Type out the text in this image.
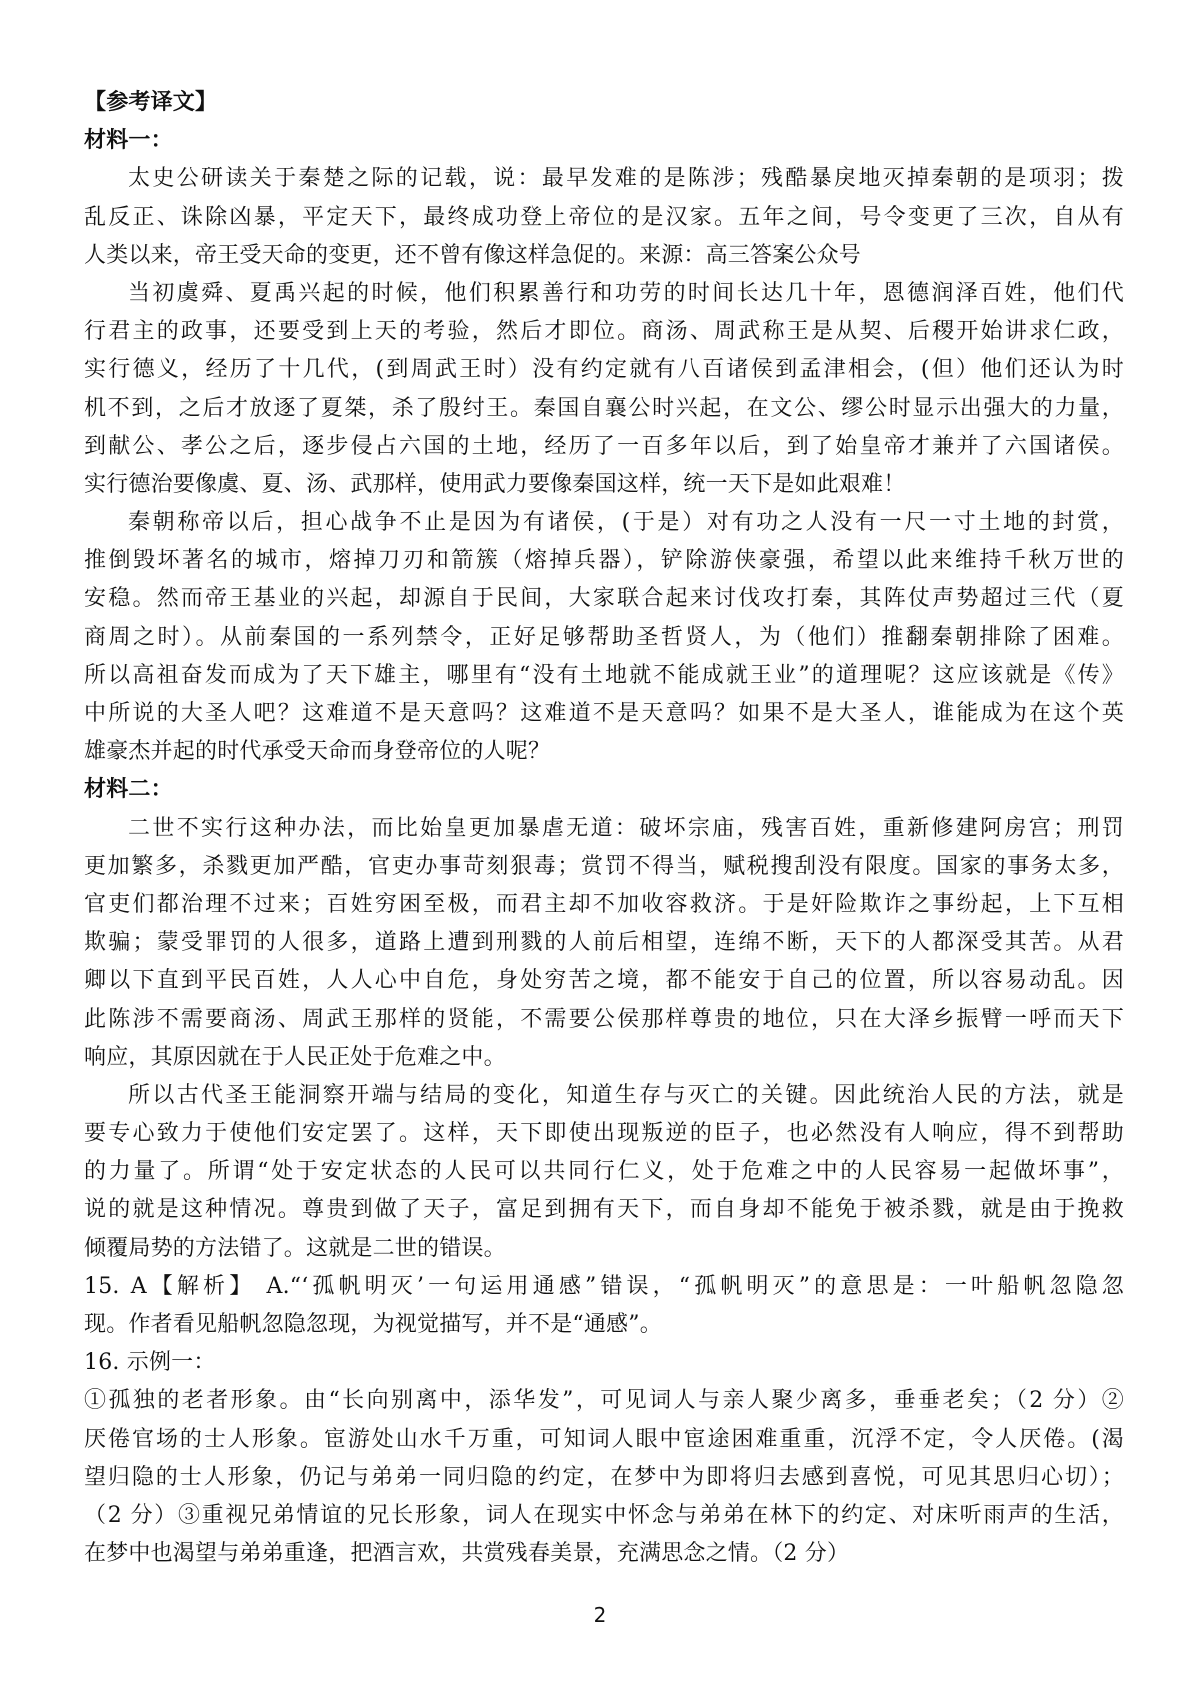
【参考译文】
材料一：
太史公研读关于秦楚之际的记载，说：最早发难的是陈涉；残酷暴戾地灭掉秦朝的是项羽；拨
乱反正、诛除凶暴，平定天下，最终成功登上帝位的是汉家。五年之间，号令变更了三次，自从有
人类以来，帝王受天命的变更，还不曾有像这样急促的。来源：高三答案公众号
当初虞舜、夏禹兴起的时候，他们积累善行和功劳的时间长达几十年，恩德润泽百姓，他们代
行君主的政事，还要受到上天的考验，然后才即位。商汤、周武称王是从契、后稷开始讲求仁政，
实行德义，经历了十几代，(到周武王时）没有约定就有八百诸侯到孟津相会，(但）他们还认为时
机不到，之后才放逐了夏桀，杀了殷纣王。秦国自襄公时兴起，在文公、缪公时显示出强大的力量，
到献公、孝公之后，逐步侵占六国的土地，经历了一百多年以后，到了始皇帝才兼并了六国诸侯。
实行德治要像虞、夏、汤、武那样，使用武力要像秦国这样，统一天下是如此艰难！
秦朝称帝以后，担心战争不止是因为有诸侯，(于是）对有功之人没有一尺一寸土地的封赏，
推倒毁坏著名的城市，熔掉刀刃和箭簇（熔掉兵器），铲除游侠豪强，希望以此来维持千秋万世的
安稳。然而帝王基业的兴起，却源自于民间，大家联合起来讨伐攻打秦，其阵仗声势超过三代（夏
商周之时）。从前秦国的一系列禁令，正好足够帮助圣哲贤人，为（他们）推翻秦朝排除了困难。
所以高祖奋发而成为了天下雄主，哪里有“没有土地就不能成就王业”的道理呢？这应该就是《传》
中所说的大圣人吧？这难道不是天意吗？这难道不是天意吗？如果不是大圣人，谁能成为在这个英
雄豪杰并起的时代承受天命而身登帝位的人呢？
材料二：
二世不实行这种办法，而比始皇更加暴虐无道：破坏宗庙，残害百姓，重新修建阿房宫；刑罚
更加繁多，杀戮更加严酷，官吏办事苛刻狠毒；赏罚不得当，赋税搜刮没有限度。国家的事务太多，
官吏们都治理不过来；百姓穷困至极，而君主却不加收容救济。于是奸险欺诈之事纷起，上下互相
欺骗；蒙受罪罚的人很多，道路上遭到刑戮的人前后相望，连绵不断，天下的人都深受其苦。从君
卿以下直到平民百姓，人人心中自危，身处穷苦之境，都不能安于自己的位置，所以容易动乱。因
此陈涉不需要商汤、周武王那样的贤能，不需要公侯那样尊贵的地位，只在大泽乡振臂一呼而天下
响应，其原因就在于人民正处于危难之中。
所以古代圣王能洞察开端与结局的变化，知道生存与灭亡的关键。因此统治人民的方法，就是
要专心致力于使他们安定罢了。这样，天下即使出现叛逆的臣子，也必然没有人响应，得不到帮助
的力量了。所谓“处于安定状态的人民可以共同行仁义，处于危难之中的人民容易一起做坏事”，
说的就是这种情况。尊贵到做了天子，富足到拥有天下，而自身却不能免于被杀戮，就是由于挽救
倾覆局势的方法错了。这就是二世的错误。
15. A【解析】 A.“‘孤帆明灭’一句运用通感”错误，“孤帆明灭”的意思是：一叶船帆忽隐忽
现。作者看见船帆忽隐忽现，为视觉描写，并不是“通感”。
16. 示例一：
①孤独的老者形象。由“长向别离中，添华发”，可见词人与亲人聚少离多，垂垂老矣；（2 分）②
厌倦官场的士人形象。宦游处山水千万重，可知词人眼中宦途困难重重，沉浮不定，令人厌倦。(渴
望归隐的士人形象，仍记与弟弟一同归隐的约定，在梦中为即将归去感到喜悦，可见其思归心切）；
（2 分）③重视兄弟情谊的兄长形象，词人在现实中怀念与弟弟在林下的约定、对床听雨声的生活，
在梦中也渴望与弟弟重逢，把酒言欢，共赏残春美景，充满思念之情。（2 分）
2
